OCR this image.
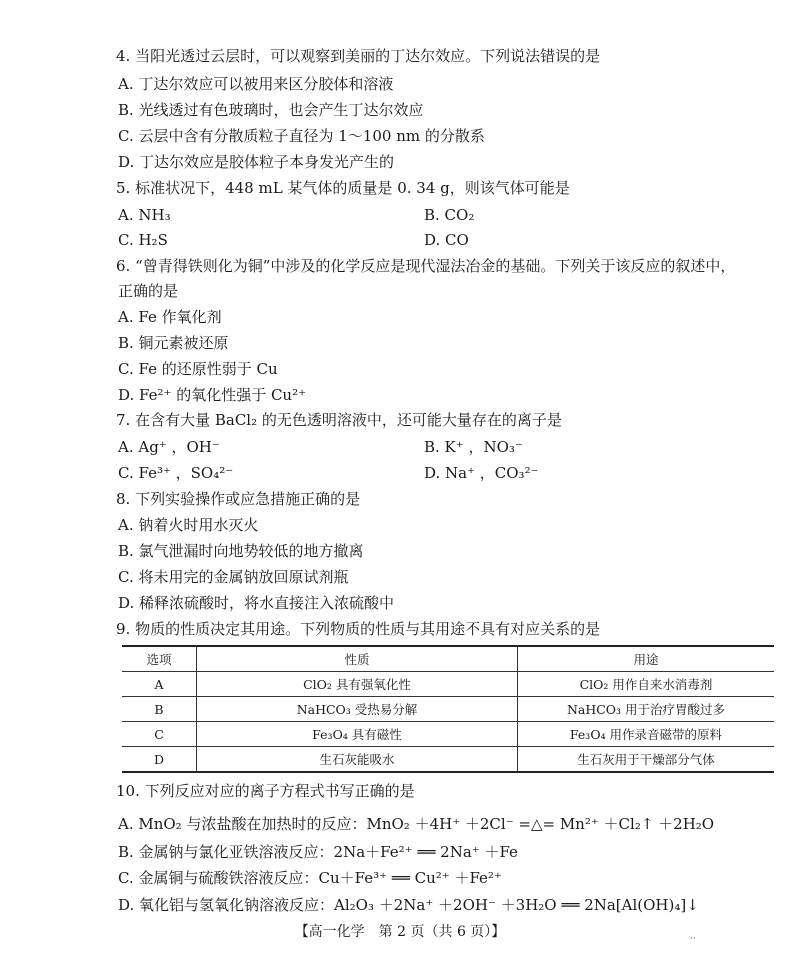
4. 当阳光透过云层时，可以观察到美丽的丁达尔效应。下列说法错误的是
A. 丁达尔效应可以被用来区分胶体和溶液
B. 光线透过有色玻璃时，也会产生丁达尔效应
C. 云层中含有分散质粒子直径为 1～100 nm 的分散系
D. 丁达尔效应是胶体粒子本身发光产生的
5. 标准状况下，448 mL 某气体的质量是 0. 34 g，则该气体可能是
A. NH₃	B. CO₂
C. H₂S	D. CO
6. “曾青得铁则化为铜”中涉及的化学反应是现代湿法冶金的基础。下列关于该反应的叙述中，
正确的是
A. Fe 作氧化剂
B. 铜元素被还原
C. Fe 的还原性弱于 Cu
D. Fe²⁺ 的氧化性强于 Cu²⁺
7. 在含有大量 BaCl₂ 的无色透明溶液中，还可能大量存在的离子是
A. Ag⁺ ，OH⁻	B. K⁺ ，NO₃⁻
C. Fe³⁺ ，SO₄²⁻	D. Na⁺ ，CO₃²⁻
8. 下列实验操作或应急措施正确的是
A. 钠着火时用水灭火
B. 氯气泄漏时向地势较低的地方撤离
C. 将未用完的金属钠放回原试剂瓶
D. 稀释浓硫酸时，将水直接注入浓硫酸中
9. 物质的性质决定其用途。下列物质的性质与其用途不具有对应关系的是
选项	性质	用途
A	ClO₂ 具有强氧化性	ClO₂ 用作自来水消毒剂
B	NaHCO₃ 受热易分解	NaHCO₃ 用于治疗胃酸过多
C	Fe₃O₄ 具有磁性	Fe₃O₄ 用作录音磁带的原料
D	生石灰能吸水	生石灰用于干燥部分气体
10. 下列反应对应的离子方程式书写正确的是
A. MnO₂ 与浓盐酸在加热时的反应：MnO₂ ＋4H⁺ ＋2Cl⁻ =△= Mn²⁺ ＋Cl₂↑ ＋2H₂O
B. 金属钠与氯化亚铁溶液反应：2Na＋Fe²⁺ ══ 2Na⁺ ＋Fe
C. 金属铜与硫酸铁溶液反应：Cu＋Fe³⁺ ══ Cu²⁺ ＋Fe²⁺
D. 氧化铝与氢氧化钠溶液反应：Al₂O₃ ＋2Na⁺ ＋2OH⁻ ＋3H₂O ══ 2Na[Al(OH)₄]↓
【高一化学　第 2 页（共 6 页）】	··
